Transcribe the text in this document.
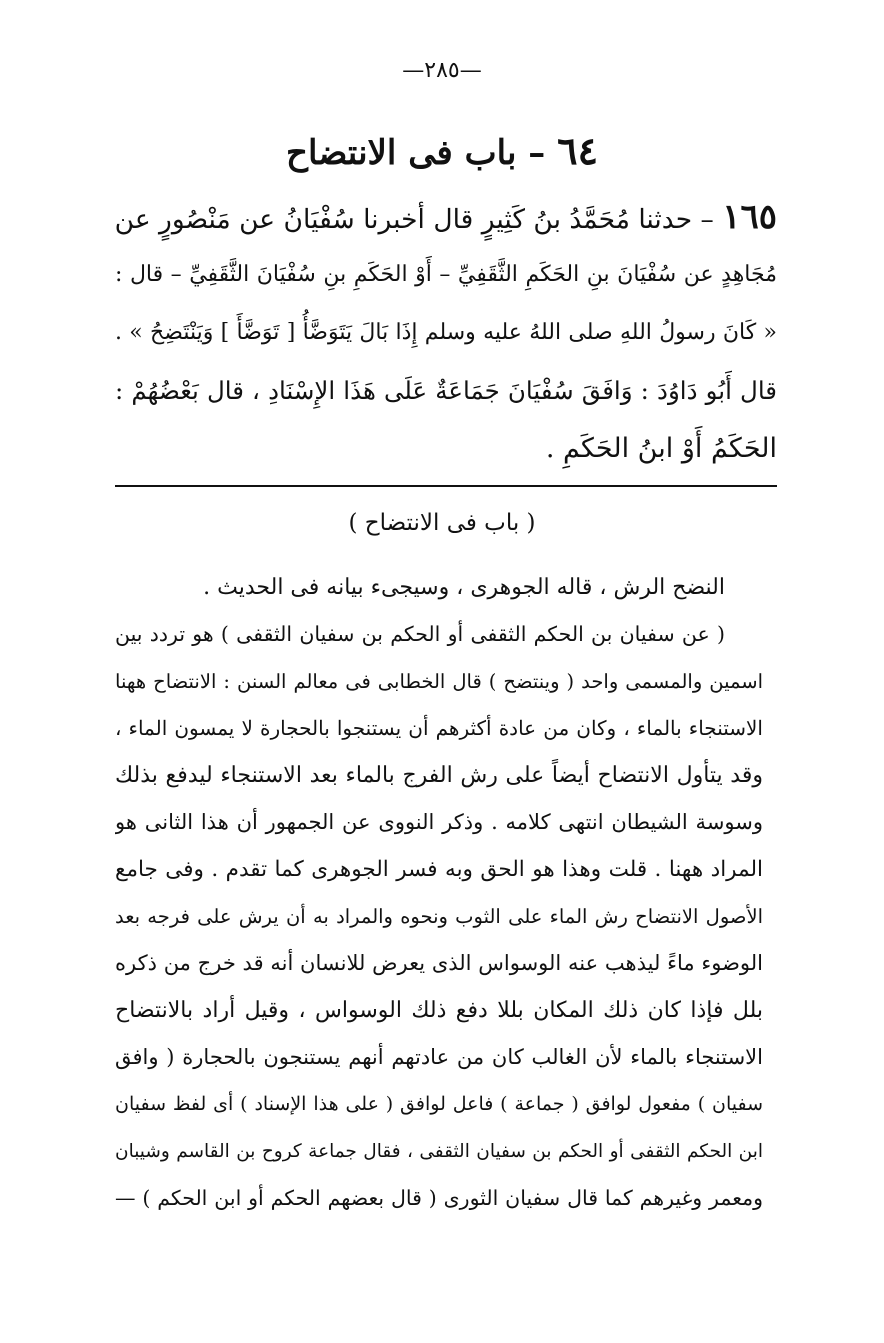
—٢٨٥—
٦٤ – باب فى الانتضاح
١٦٥ – حدثنا مُحَمَّدُ بنُ كَثِيرٍ قال أخبرنا سُفْيَانُ عن مَنْصُورٍ عن
مُجَاهِدٍ عن سُفْيَانَ بنِ الحَكَمِ الثَّقَفِيِّ – أَوْ الحَكَمِ بنِ سُفْيَانَ الثَّقَفِيِّ – قال :
« كَانَ رسولُ اللهِ صلى اللهُ عليه وسلم إِذَا بَالَ يَتَوَضَّأُ [ تَوَضَّأَ ] وَيَنْتَضِحُ » .
قال أَبُو دَاوُدَ : وَافَقَ سُفْيَانَ جَمَاعَةٌ عَلَى هَذَا الإِسْنَادِ ، قال بَعْضُهُمْ :
الحَكَمُ أَوْ ابنُ الحَكَمِ .
( باب فى الانتضاح )
النضح الرش ، قاله الجوهرى ، وسيجىء بيانه فى الحديث .
( عن سفيان بن الحكم الثقفى أو الحكم بن سفيان الثقفى ) هو تردد بين
اسمين والمسمى واحد ( وينتضح ) قال الخطابى فى معالم السنن : الانتضاح ههنا
الاستنجاء بالماء ، وكان من عادة أكثرهم أن يستنجوا بالحجارة لا يمسون الماء ،
وقد يتأول الانتضاح أيضاً على رش الفرج بالماء بعد الاستنجاء ليدفع بذلك
وسوسة الشيطان انتهى كلامه . وذكر النووى عن الجمهور أن هذا الثانى هو
المراد ههنا . قلت وهذا هو الحق وبه فسر الجوهرى كما تقدم . وفى جامع
الأصول الانتضاح رش الماء على الثوب ونحوه والمراد به أن يرش على فرجه بعد
الوضوء ماءً ليذهب عنه الوسواس الذى يعرض للانسان أنه قد خرج من ذكره
بلل فإذا كان ذلك المكان بللا دفع ذلك الوسواس ، وقيل أراد بالانتضاح
الاستنجاء بالماء لأن الغالب كان من عادتهم أنهم يستنجون بالحجارة ( وافق
سفيان ) مفعول لوافق ( جماعة ) فاعل لوافق ( على هذا الإسناد ) أى لفظ سفيان
ابن الحكم الثقفى أو الحكم بن سفيان الثقفى ، فقال جماعة كروح بن القاسم وشيبان
ومعمر وغيرهم كما قال سفيان الثورى ( قال بعضهم الحكم أو ابن الحكم ) —
